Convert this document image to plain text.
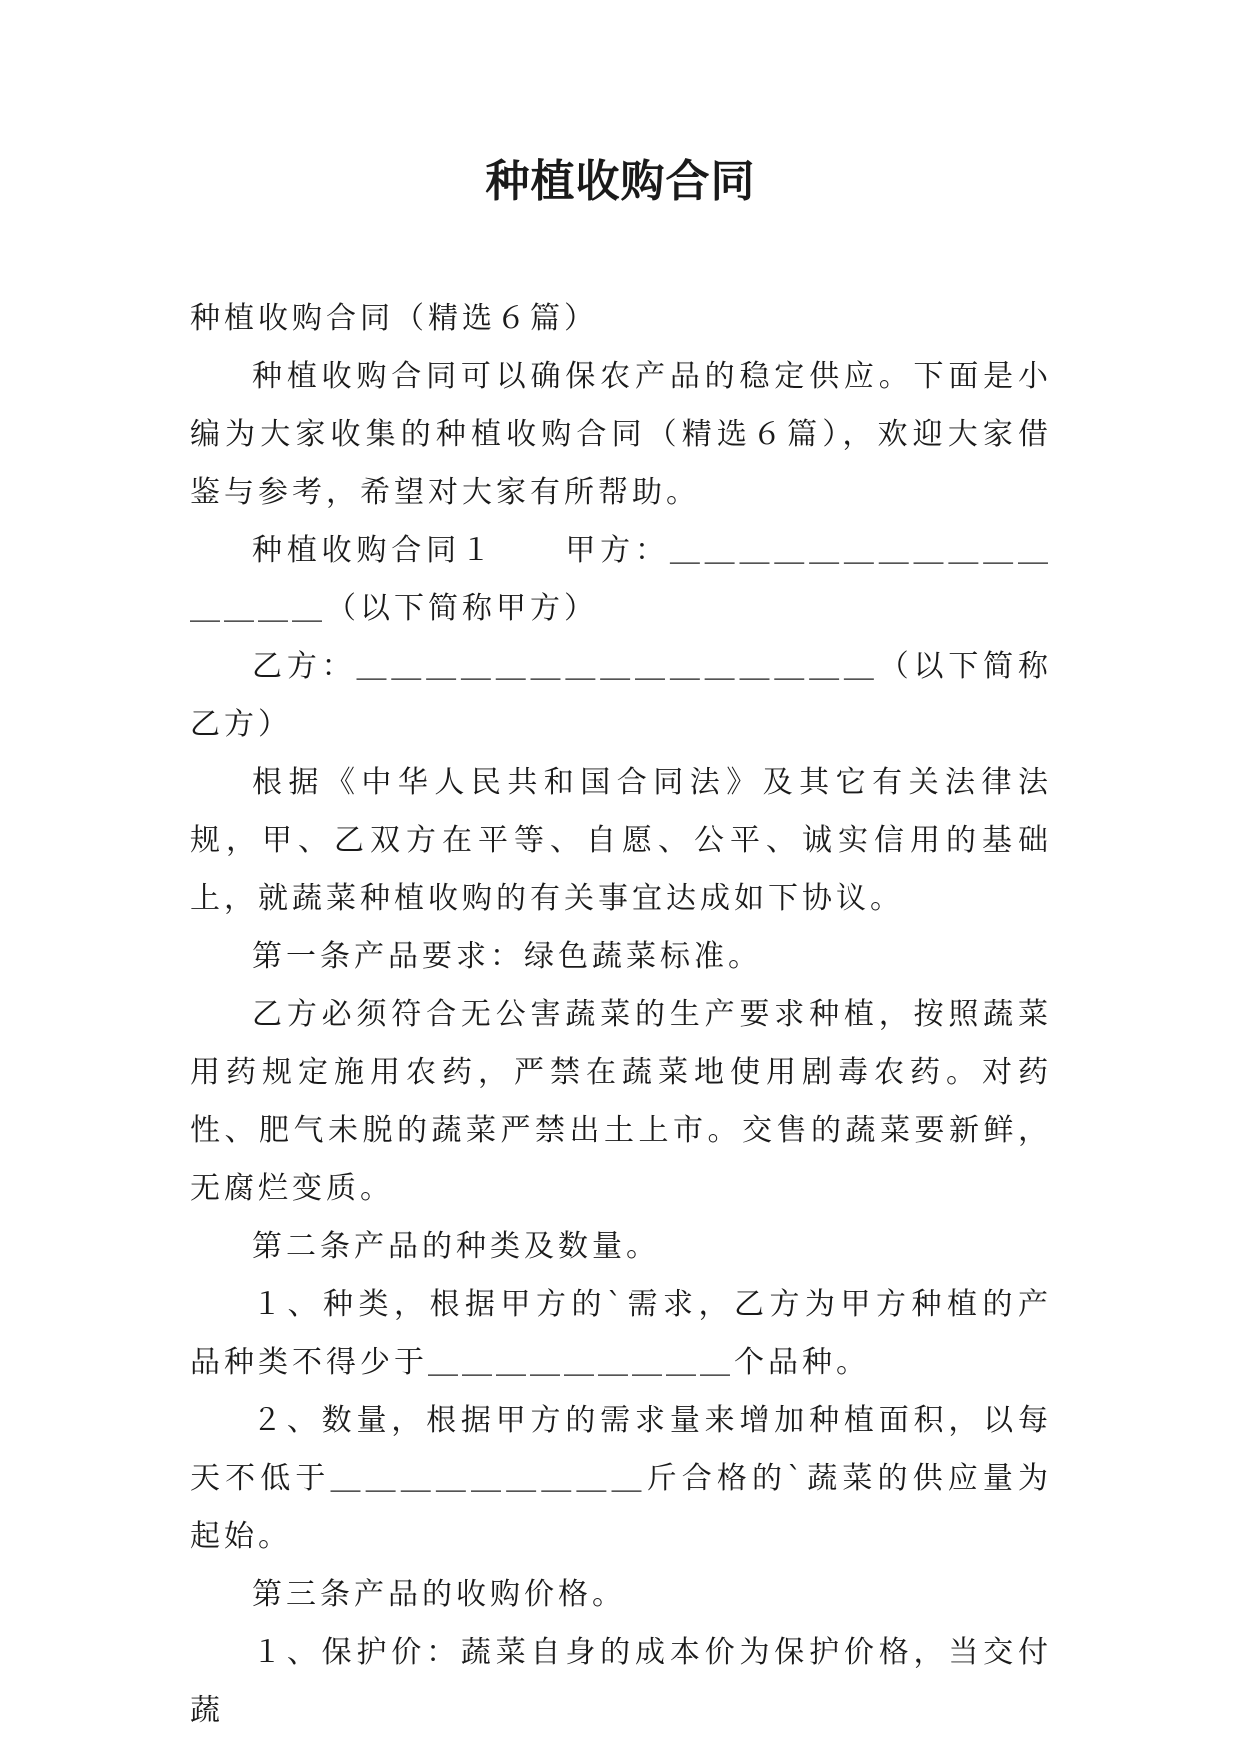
种植收购合同

种植收购合同（精选６篇）

种植收购合同可以确保农产品的稳定供应。下面是小编为大家收集的种植收购合同（精选６篇），欢迎大家借鉴与参考，希望对大家有所帮助。

种植收购合同１　　甲方：＿＿＿＿＿＿＿＿＿＿＿＿＿＿＿（以下简称甲方）

乙方：＿＿＿＿＿＿＿＿＿＿＿＿＿＿＿（以下简称乙方）

根据《中华人民共和国合同法》及其它有关法律法规，甲、乙双方在平等、自愿、公平、诚实信用的基础上，就蔬菜种植收购的有关事宜达成如下协议。

第一条产品要求：绿色蔬菜标准。

乙方必须符合无公害蔬菜的生产要求种植，按照蔬菜用药规定施用农药，严禁在蔬菜地使用剧毒农药。对药性、肥气未脱的蔬菜严禁出土上市。交售的蔬菜要新鲜，无腐烂变质。

第二条产品的种类及数量。

１、种类，根据甲方的`需求，乙方为甲方种植的产品种类不得少于＿＿＿＿＿＿＿＿＿个品种。

２、数量，根据甲方的需求量来增加种植面积，以每天不低于＿＿＿＿＿＿＿＿＿斤合格的`蔬菜的供应量为起始。

第三条产品的收购价格。

１、保护价：蔬菜自身的成本价为保护价格，当交付蔬
